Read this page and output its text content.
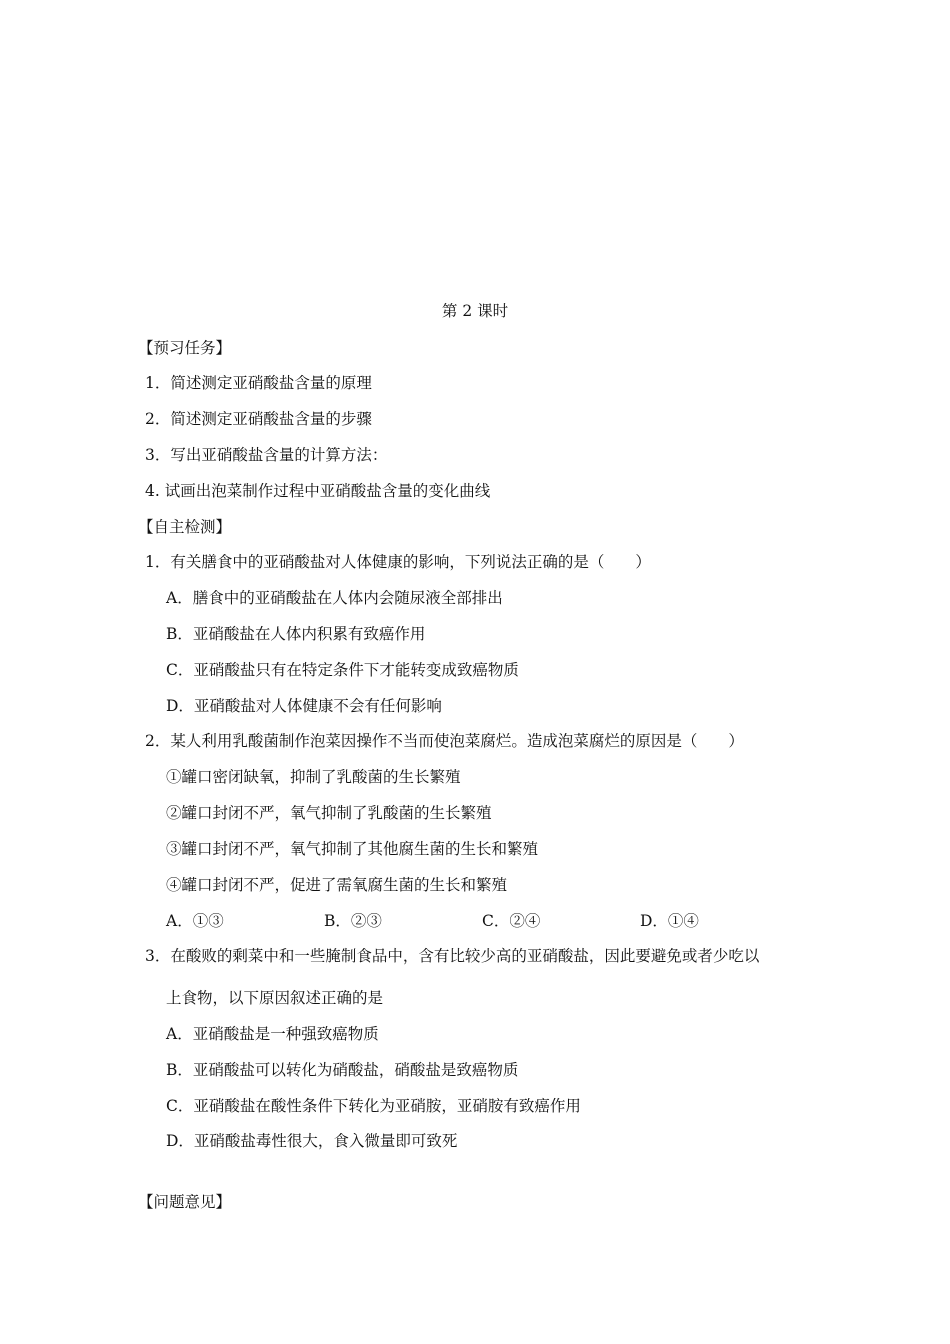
第 2 课时
【预习任务】
1．简述测定亚硝酸盐含量的原理
2．简述测定亚硝酸盐含量的步骤
3．写出亚硝酸盐含量的计算方法：
4. 试画出泡菜制作过程中亚硝酸盐含量的变化曲线
【自主检测】
1．有关膳食中的亚硝酸盐对人体健康的影响，下列说法正确的是（　　）
A．膳食中的亚硝酸盐在人体内会随尿液全部排出
B．亚硝酸盐在人体内积累有致癌作用
C．亚硝酸盐只有在特定条件下才能转变成致癌物质
D．亚硝酸盐对人体健康不会有任何影响
2．某人利用乳酸菌制作泡菜因操作不当而使泡菜腐烂。造成泡菜腐烂的原因是（　　）
①罐口密闭缺氧，抑制了乳酸菌的生长繁殖
②罐口封闭不严，氧气抑制了乳酸菌的生长繁殖
③罐口封闭不严，氧气抑制了其他腐生菌的生长和繁殖
④罐口封闭不严，促进了需氧腐生菌的生长和繁殖
A．①③	B．②③	C．②④	D．①④
3．在酸败的剩菜中和一些腌制食品中，含有比较少高的亚硝酸盐，因此要避免或者少吃以
上食物，以下原因叙述正确的是
A．亚硝酸盐是一种强致癌物质
B．亚硝酸盐可以转化为硝酸盐，硝酸盐是致癌物质
C．亚硝酸盐在酸性条件下转化为亚硝胺，亚硝胺有致癌作用
D．亚硝酸盐毒性很大，食入微量即可致死
【问题意见】
